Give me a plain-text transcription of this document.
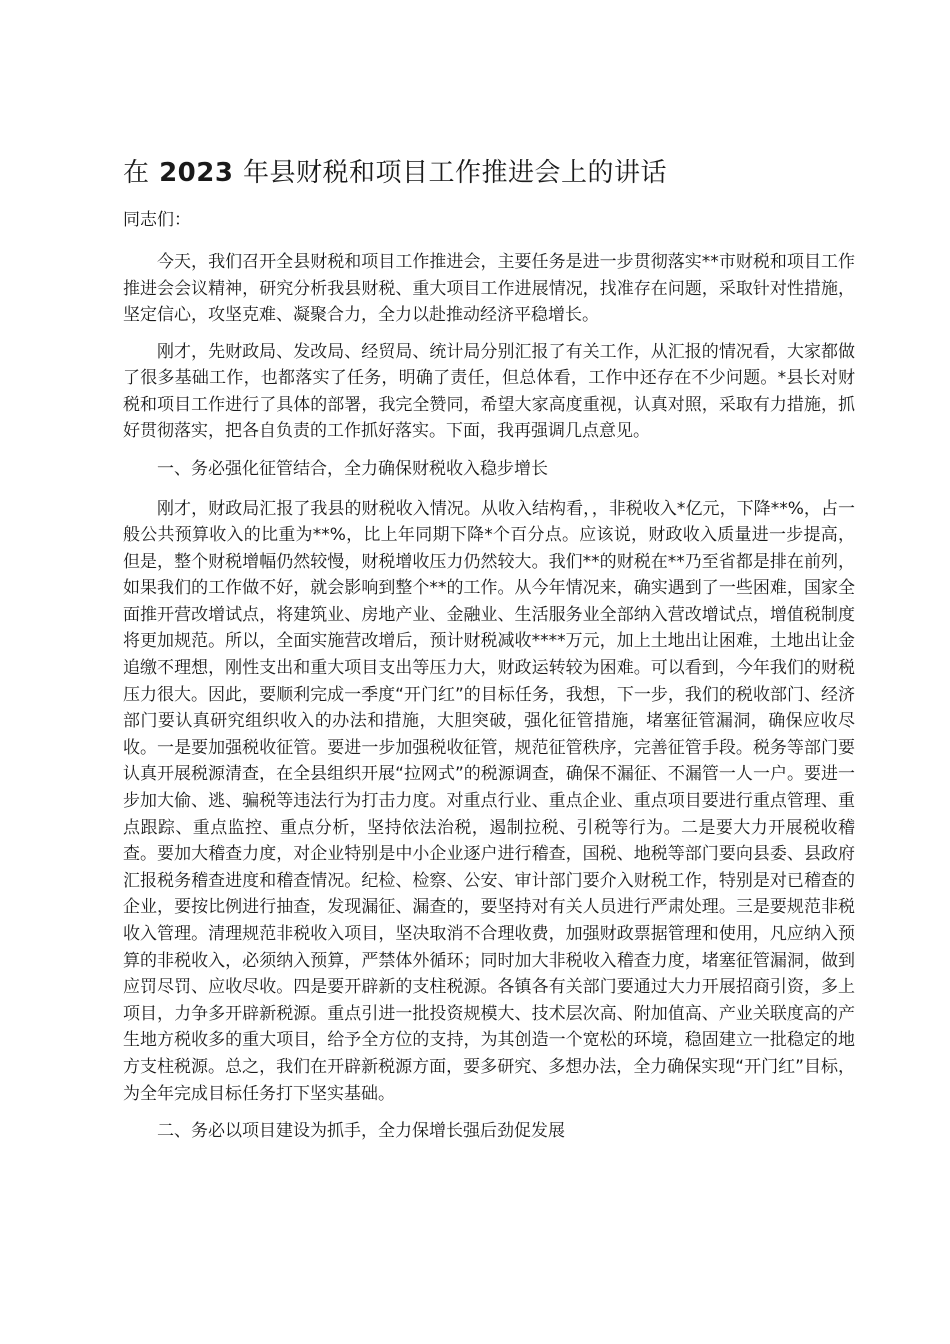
在 2023 年县财税和项目工作推进会上的讲话

同志们：

今天，我们召开全县财税和项目工作推进会，主要任务是进一步贯彻落实**市财税和项目工作推进会会议精神，研究分析我县财税、重大项目工作进展情况，找准存在问题，采取针对性措施，坚定信心，攻坚克难、凝聚合力，全力以赴推动经济平稳增长。

刚才，先财政局、发改局、经贸局、统计局分别汇报了有关工作，从汇报的情况看，大家都做了很多基础工作，也都落实了任务，明确了责任，但总体看，工作中还存在不少问题。*县长对财税和项目工作进行了具体的部署，我完全赞同，希望大家高度重视，认真对照，采取有力措施，抓好贯彻落实，把各自负责的工作抓好落实。下面，我再强调几点意见。

一、务必强化征管结合，全力确保财税收入稳步增长

刚才，财政局汇报了我县的财税收入情况。从收入结构看，，非税收入*亿元，下降**%，占一般公共预算收入的比重为**%，比上年同期下降*个百分点。应该说，财政收入质量进一步提高，但是，整个财税增幅仍然较慢，财税增收压力仍然较大。我们**的财税在**乃至省都是排在前列，如果我们的工作做不好，就会影响到整个**的工作。从今年情况来，确实遇到了一些困难，国家全面推开营改增试点，将建筑业、房地产业、金融业、生活服务业全部纳入营改增试点，增值税制度将更加规范。所以，全面实施营改增后，预计财税减收****万元，加上土地出让困难，土地出让金追缴不理想，刚性支出和重大项目支出等压力大，财政运转较为困难。可以看到，今年我们的财税压力很大。因此，要顺利完成一季度“开门红”的目标任务，我想，下一步，我们的税收部门、经济部门要认真研究组织收入的办法和措施，大胆突破，强化征管措施，堵塞征管漏洞，确保应收尽收。一是要加强税收征管。要进一步加强税收征管，规范征管秩序，完善征管手段。税务等部门要认真开展税源清查，在全县组织开展“拉网式”的税源调查，确保不漏征、不漏管一人一户。要进一步加大偷、逃、骗税等违法行为打击力度。对重点行业、重点企业、重点项目要进行重点管理、重点跟踪、重点监控、重点分析，坚持依法治税，遏制拉税、引税等行为。二是要大力开展税收稽查。要加大稽查力度，对企业特别是中小企业逐户进行稽查，国税、地税等部门要向县委、县政府汇报税务稽查进度和稽查情况。纪检、检察、公安、审计部门要介入财税工作，特别是对已稽查的企业，要按比例进行抽查，发现漏征、漏查的，要坚持对有关人员进行严肃处理。三是要规范非税收入管理。清理规范非税收入项目，坚决取消不合理收费，加强财政票据管理和使用，凡应纳入预算的非税收入，必须纳入预算，严禁体外循环；同时加大非税收入稽查力度，堵塞征管漏洞，做到应罚尽罚、应收尽收。四是要开辟新的支柱税源。各镇各有关部门要通过大力开展招商引资，多上项目，力争多开辟新税源。重点引进一批投资规模大、技术层次高、附加值高、产业关联度高的产生地方税收多的重大项目，给予全方位的支持，为其创造一个宽松的环境，稳固建立一批稳定的地方支柱税源。总之，我们在开辟新税源方面，要多研究、多想办法，全力确保实现“开门红”目标，为全年完成目标任务打下坚实基础。

二、务必以项目建设为抓手，全力保增长强后劲促发展
